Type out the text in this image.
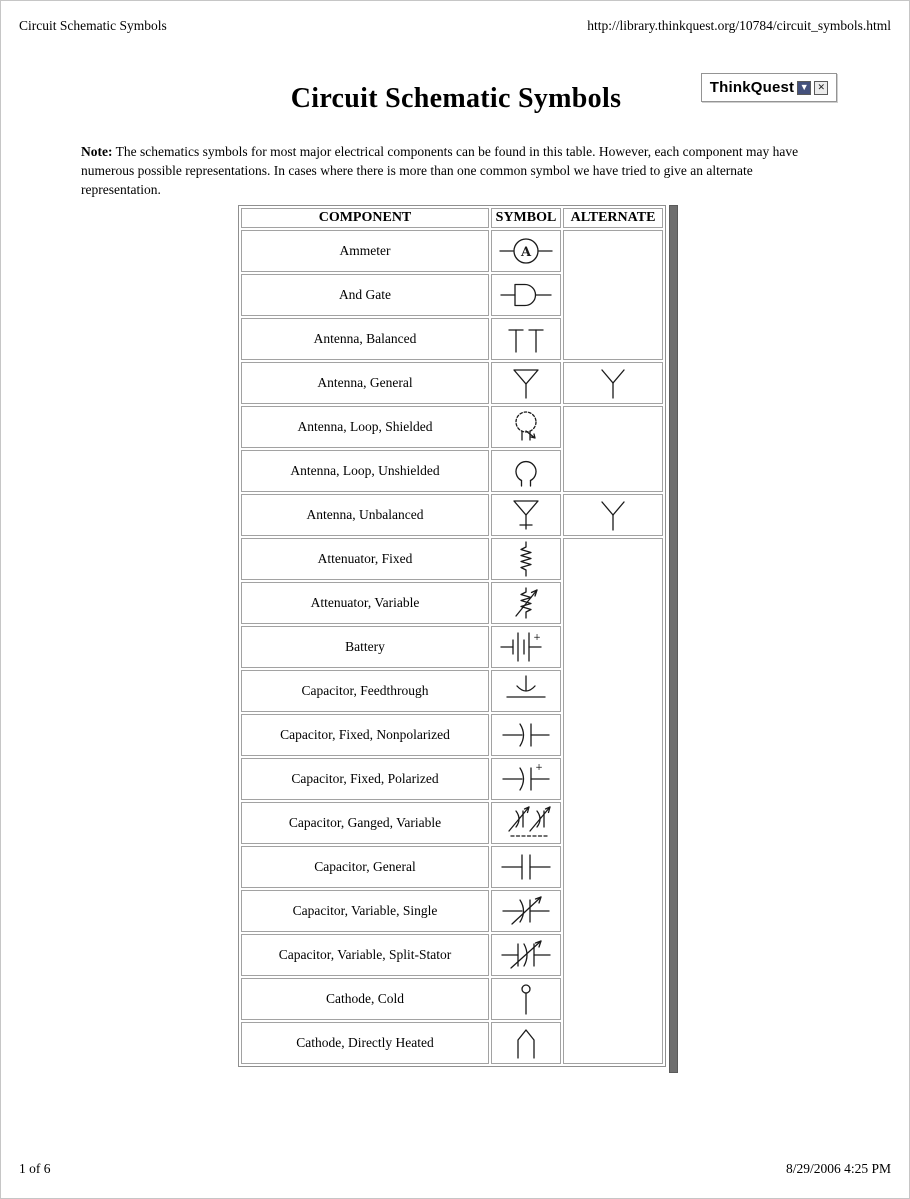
Circuit Schematic Symbols	http://library.thinkquest.org/10784/circuit_symbols.html
Circuit Schematic Symbols	ThinkQuest ▼ ✕
Note: The schematics symbols for most major electrical components can be found in this table. However, each component may have numerous possible representations. In cases where there is more than one common symbol we have tried to give an alternate representation.
COMPONENT	SYMBOL	ALTERNATE
Ammeter	A	

And Gate	

Antenna, Balanced	

Antenna, General	

Antenna, Loop, Shielded	

Antenna, Loop, Unshielded	

Antenna, Unbalanced	

Attenuator, Fixed	

Attenuator, Variable	

Battery	+	

Capacitor, Feedthrough	

Capacitor, Fixed, Nonpolarized	

Capacitor, Fixed, Polarized	+	

Capacitor, Ganged, Variable	

Capacitor, General	

Capacitor, Variable, Single	

Capacitor, Variable, Split-Stator	

Cathode, Cold	

Cathode, Directly Heated	
1 of 6	8/29/2006 4:25 PM
